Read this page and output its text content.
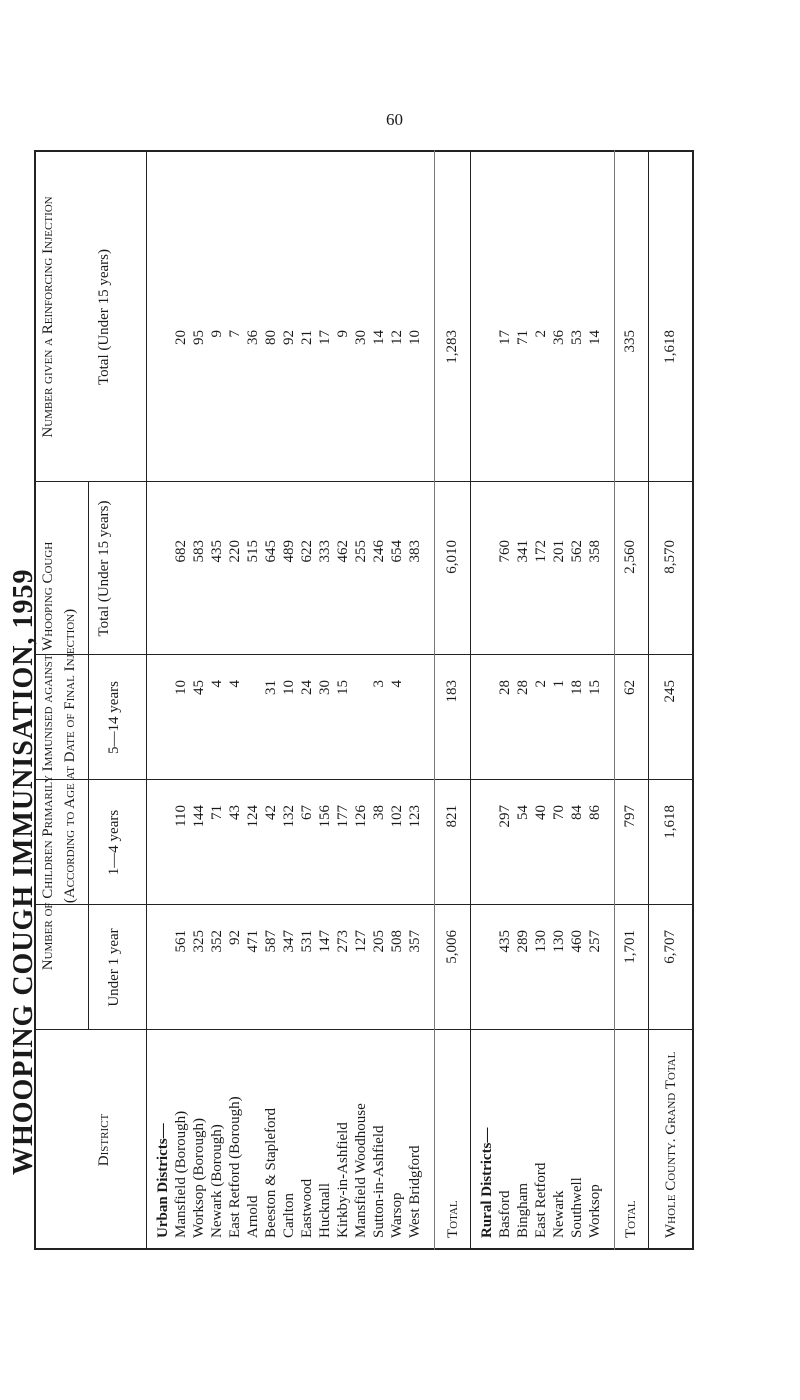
60
WHOOPING COUGH IMMUNISATION, 1959 Number of Children Primarily Immunised against Whooping Cough (According to Age at Date of Final Injection)
District
Under 1 year
1—4 years
5—14 years
Total (Under 15 years)
Number given a Reinforcing Injection	Total (Under 15 years)
Urban Districts— Mansfield (Borough) Worksop (Borough) Newark (Borough) East Retford (Borough) Arnold Beeston & Stapleford Carlton Eastwood Hucknall Kirkby-in-Ashfield Mansfield Woodhouse Sutton-in-Ashfield Warsop West Bridgford
561 325 352 92 471 587 347 531 147 273 127 205 508 357
110 144 71 43 124 42 132 67 156 177 126 38 102 123
10 45 4 4 31 10 24 30 15 3 4
682 583 435 220 515 645 489 622 333 462 255 246 654 383
20 95 9 7 36 80 92 21 17 9 30 14 12 10
Total
5,006
821
183
6,010
1,283
Rural Districts— Basford Bingham East Retford Newark Southwell Worksop
435 289 130 130 460 257
297 54 40 70 84 86
28 28 2 1 18 15
760 341 172 201 562 358
17 71 2 36 53 14
Total
1,701
797
62
2,560
335
Whole County. Grand Total
6,707
1,618
245
8,570
1,618
